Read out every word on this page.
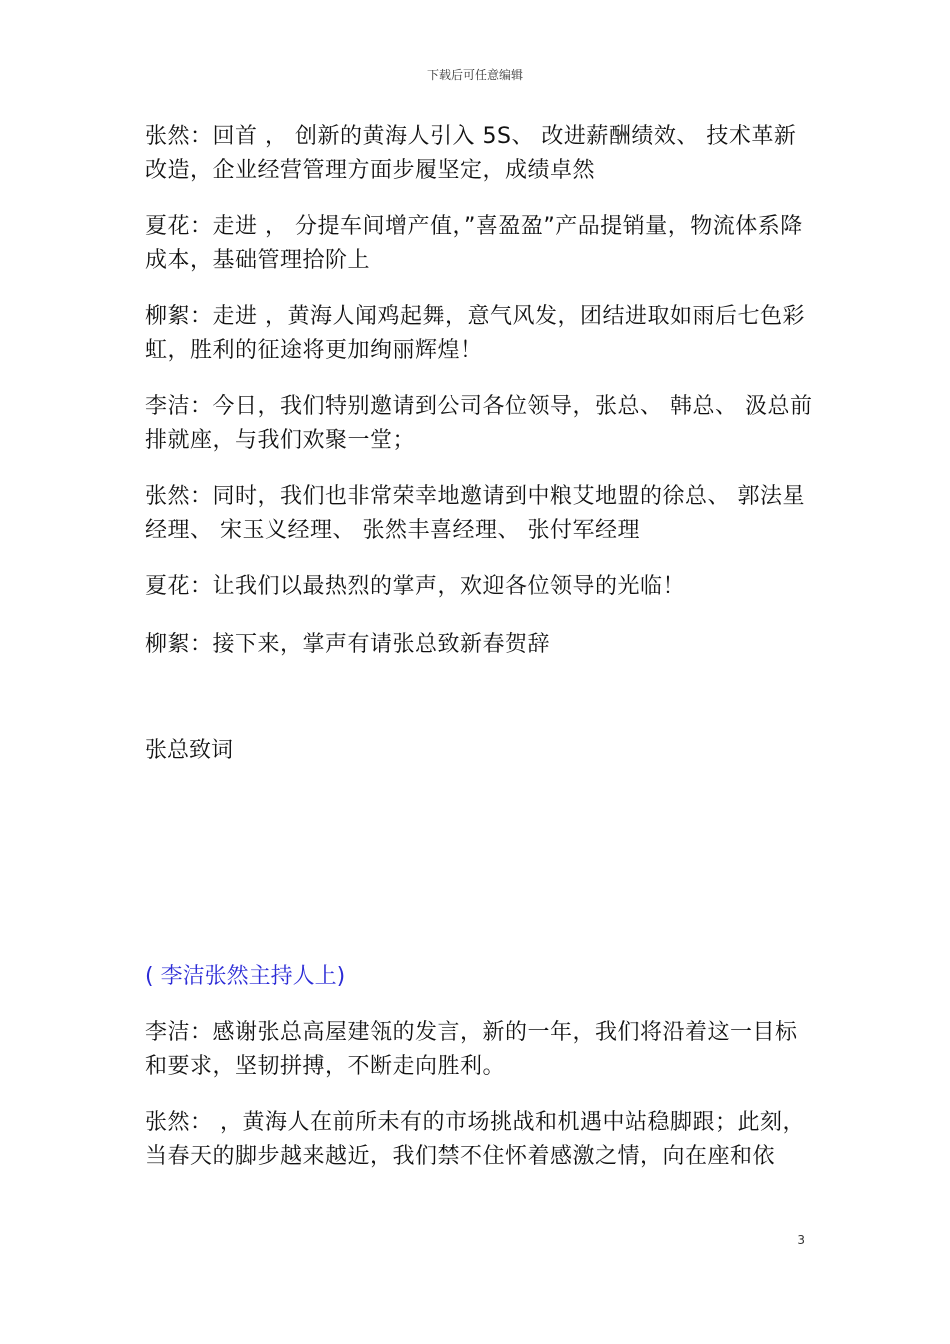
下载后可任意编辑

张然：回首 ， 创新的黄海人引入 5S、 改进薪酬绩效、 技术革新改造，企业经营管理方面步履坚定，成绩卓然

夏花：走进 ， 分提车间增产值，”喜盈盈”产品提销量，物流体系降成本，基础管理拾阶上

柳絮：走进 ，黄海人闻鸡起舞，意气风发，团结进取如雨后七色彩虹，胜利的征途将更加绚丽辉煌！

李洁：今日，我们特别邀请到公司各位领导，张总、 韩总、 汲总前排就座，与我们欢聚一堂；

张然：同时，我们也非常荣幸地邀请到中粮艾地盟的徐总、 郭法星经理、 宋玉义经理、 张然丰喜经理、 张付军经理

夏花：让我们以最热烈的掌声，欢迎各位领导的光临！

柳絮：接下来，掌声有请张总致新春贺辞

张总致词

( 李洁张然主持人上)

李洁：感谢张总高屋建瓴的发言，新的一年，我们将沿着这一目标和要求，坚韧拼搏，不断走向胜利。

张然： ，黄海人在前所未有的市场挑战和机遇中站稳脚跟；此刻，当春天的脚步越来越近，我们禁不住怀着感激之情，向在座和依

3
